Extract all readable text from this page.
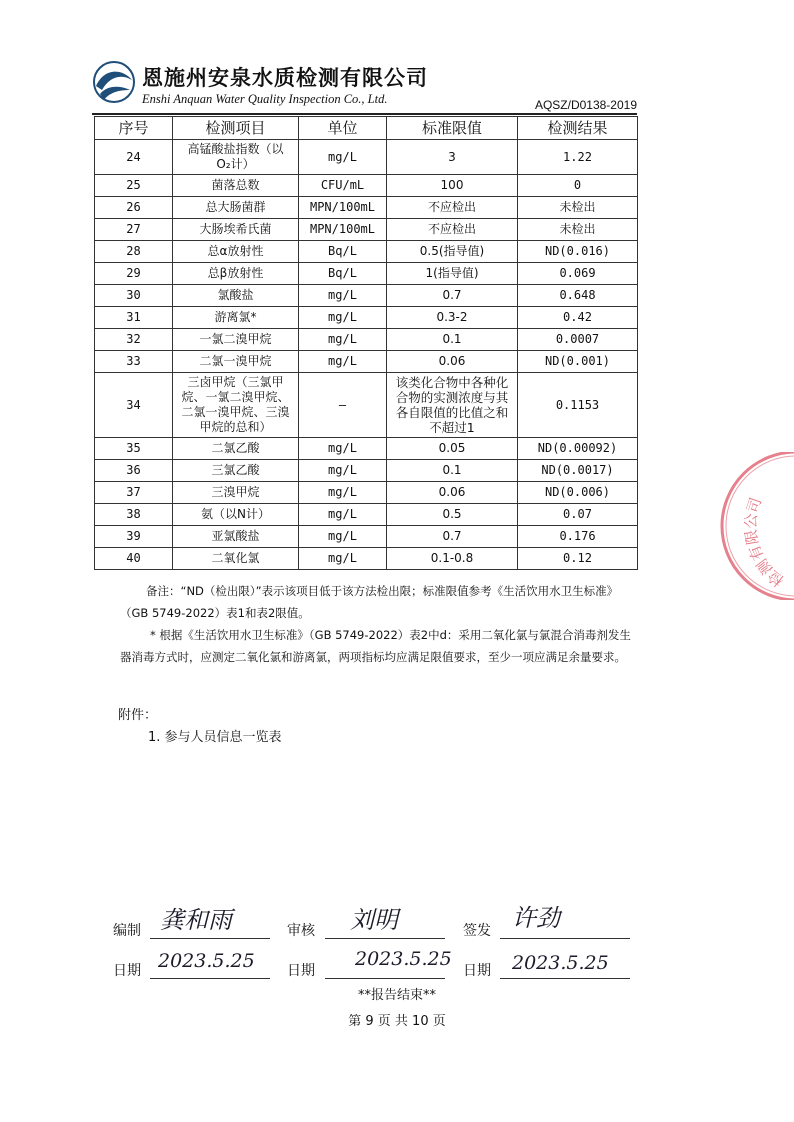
恩施州安泉水质检测有限公司
Enshi Anquan Water Quality Inspection Co., Ltd.	AQSZ/D0138-2019
序号	检测项目	单位	标准限值	检测结果
24	高锰酸盐指数（以O₂计）	mg/L	3	1.22
25	菌落总数	CFU/mL	100	0
26	总大肠菌群	MPN/100mL	不应检出	未检出
27	大肠埃希氏菌	MPN/100mL	不应检出	未检出
28	总α放射性	Bq/L	0.5(指导值)	ND(0.016)
29	总β放射性	Bq/L	1(指导值)	0.069
30	氯酸盐	mg/L	0.7	0.648
31	游离氯*	mg/L	0.3-2	0.42
32	一氯二溴甲烷	mg/L	0.1	0.0007
33	二氯一溴甲烷	mg/L	0.06	ND(0.001)
34	三卤甲烷（三氯甲烷、一氯二溴甲烷、二氯一溴甲烷、三溴甲烷的总和）	—	该类化合物中各种化合物的实测浓度与其各自限值的比值之和不超过1	0.1153
35	二氯乙酸	mg/L	0.05	ND(0.00092)
36	三氯乙酸	mg/L	0.1	ND(0.0017)
37	三溴甲烷	mg/L	0.06	ND(0.006)
38	氨（以N计）	mg/L	0.5	0.07
39	亚氯酸盐	mg/L	0.7	0.176
40	二氧化氯	mg/L	0.1-0.8	0.12
备注：“ND（检出限）”表示该项目低于该方法检出限；标准限值参考《生活饮用水卫生标准》（GB 5749-2022）表1和表2限值。
* 根据《生活饮用水卫生标准》（GB 5749-2022）表2中d：采用二氧化氯与氯混合消毒剂发生器消毒方式时，应测定二氧化氯和游离氯，两项指标均应满足限值要求，至少一项应满足余量要求。
附件：
1. 参与人员信息一览表
编制 龚和雨	审核 刘明	签发 许劲
日期 2023.5.25 日期
2023.5.25
日期 2023.5.25
**报告结束**
第 9 页 共 10 页
检测有限公司
